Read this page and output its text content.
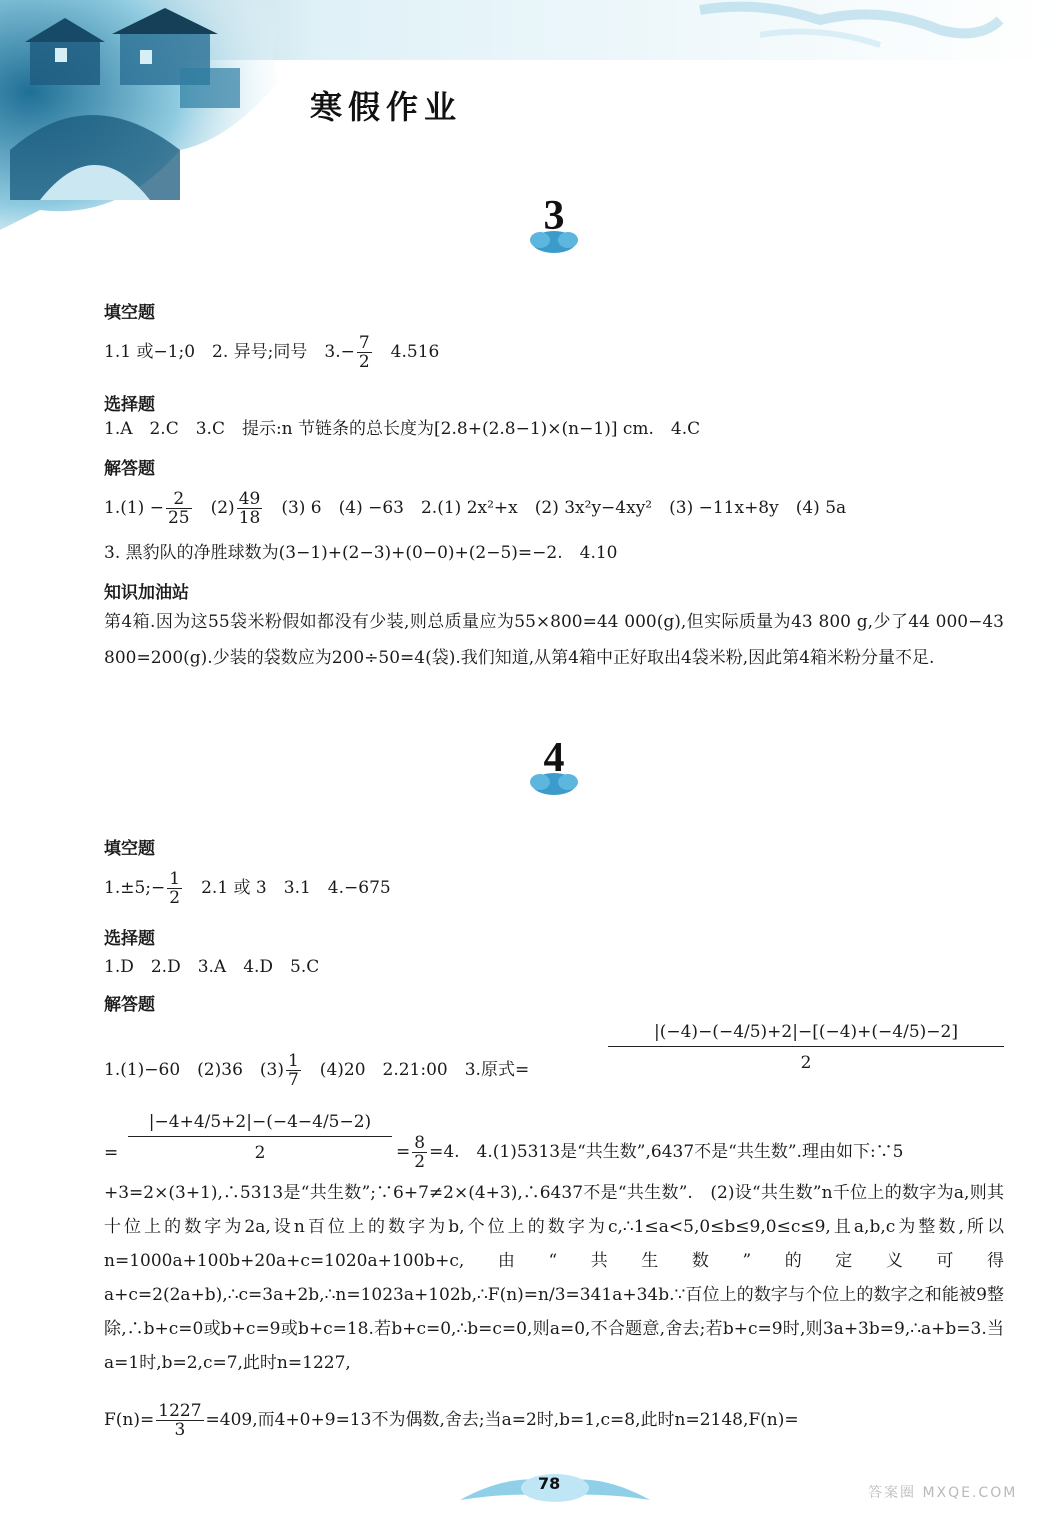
寒假作业
3
填空题
1.1 或−1;0　2. 异号;同号　$3.- \frac{7}{2}$ 　4.516
选择题
1.A　2.C　3.C　提示:n 节链条的总长度为[2.8+(2.8−1)×(n−1)] cm.　4.C
解答题
$1.(1) - \frac{2}{25}$ 　$(2) \frac{49}{18}$ 　(3) 6　(4) −63　2.(1) 2x²+x　(2) 3x²y−4xy²　(3) −11x+8y　(4) 5a
3. 黑豹队的净胜球数为(3−1)+(2−3)+(0−0)+(2−5)=−2.　4.10
知识加油站
第4箱.因为这55袋米粉假如都没有少装,则总质量应为55×800=44 000(g),但实际质量为43 800 g,少了44 000−43 800=200(g).少装的袋数应为200÷50=4(袋).我们知道,从第4箱中正好取出4袋米粉,因此第4箱米粉分量不足.
4
填空题
1.±5;− $\frac{1}{2}$ 　2.1 或 3　3.1　4.−675
选择题
1.D　2.D　3.A　4.D　5.C
解答题
1.(1)−60　(2)36　$(3) \frac{1}{7}$ 　(4)20　2.21:00　3.原式=	$\frac{|(-4)-(-4/5)+2|-[(-4)+(-4/5)-2]}{2}$
= $\frac{|-4+4/5+2|-(-4-4/5-2)}{2} = \frac{8}{2} =4$.　4.(1)5313是“共生数”,6437不是“共生数”.理由如下:∵5
+3=2×(3+1),∴5313是“共生数”;∵6+7≠2×(4+3),∴6437不是“共生数”.　(2)设“共生数”n千位上的数字为a,则其十位上的数字为2a,设n百位上的数字为b,个位上的数字为c,∴1≤a<5,0≤b≤9,0≤c≤9,且a,b,c为整数,所以n=1000a+100b+20a+c=1020a+100b+c,由“共生数”的定义可得a+c=2(2a+b),∴c=3a+2b,∴n=1023a+102b,∴F(n)=n/3=341a+34b.∵百位上的数字与个位上的数字之和能被9整除,∴b+c=0或b+c=9或b+c=18.若b+c=0,∴b=c=0,则a=0,不合题意,舍去;若b+c=9时,则3a+3b=9,∴a+b=3.当a=1时,b=2,c=7,此时n=1227,
$F(n)= \frac{1227}{3} =409$,而4+0+9=13不为偶数,舍去;当a=2时,b=1,c=8,此时n=2148,F(n)=
78	答案圈 MXQE.COM
